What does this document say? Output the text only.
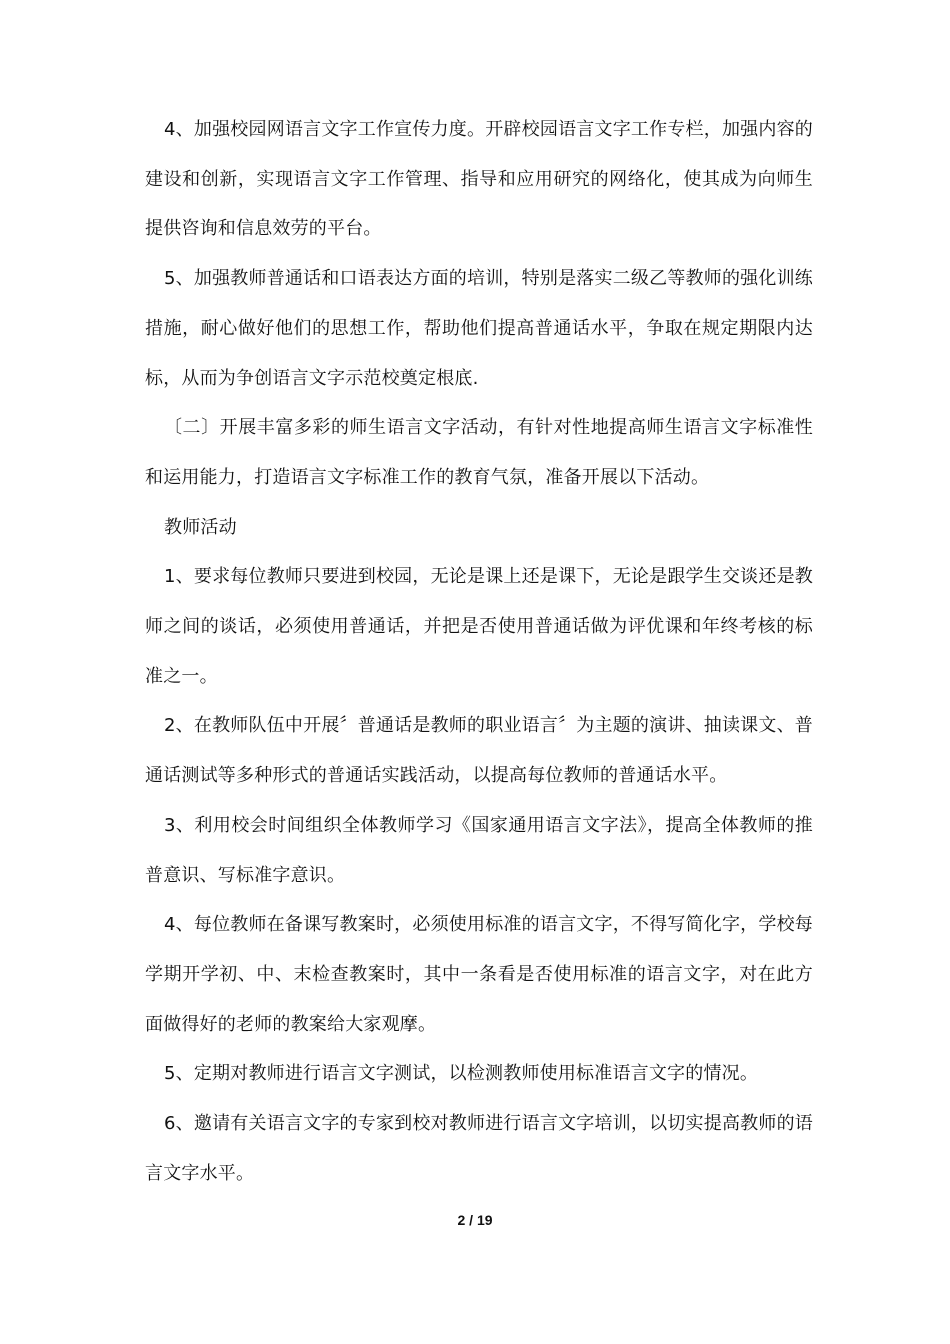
4、加强校园网语言文字工作宣传力度。开辟校园语言文字工作专栏，加强内容的建设和创新，实现语言文字工作管理、指导和应用研究的网络化，使其成为向师生提供咨询和信息效劳的平台。

5、加强教师普通话和口语表达方面的培训，特别是落实二级乙等教师的强化训练措施，耐心做好他们的思想工作，帮助他们提高普通话水平，争取在规定期限内达标，从而为争创语言文字示范校奠定根底.

〔二〕开展丰富多彩的师生语言文字活动，有针对性地提高师生语言文字标准性和运用能力，打造语言文字标准工作的教育气氛，准备开展以下活动。

教师活动

1、要求每位教师只要进到校园，无论是课上还是课下，无论是跟学生交谈还是教师之间的谈话，必须使用普通话，并把是否使用普通话做为评优课和年终考核的标准之一。

2、在教师队伍中开展〞普通话是教师的职业语言〞为主题的演讲、抽读课文、普通话测试等多种形式的普通话实践活动，以提高每位教师的普通话水平。

3、利用校会时间组织全体教师学习《国家通用语言文字法》，提高全体教师的推普意识、写标准字意识。

4、每位教师在备课写教案时，必须使用标准的语言文字，不得写简化字，学校每学期开学初、中、末检查教案时，其中一条看是否使用标准的语言文字，对在此方面做得好的老师的教案给大家观摩。

5、定期对教师进行语言文字测试，以检测教师使用标准语言文字的情况。

6、邀请有关语言文字的专家到校对教师进行语言文字培训，以切实提高教师的语言文字水平。

2 / 19
